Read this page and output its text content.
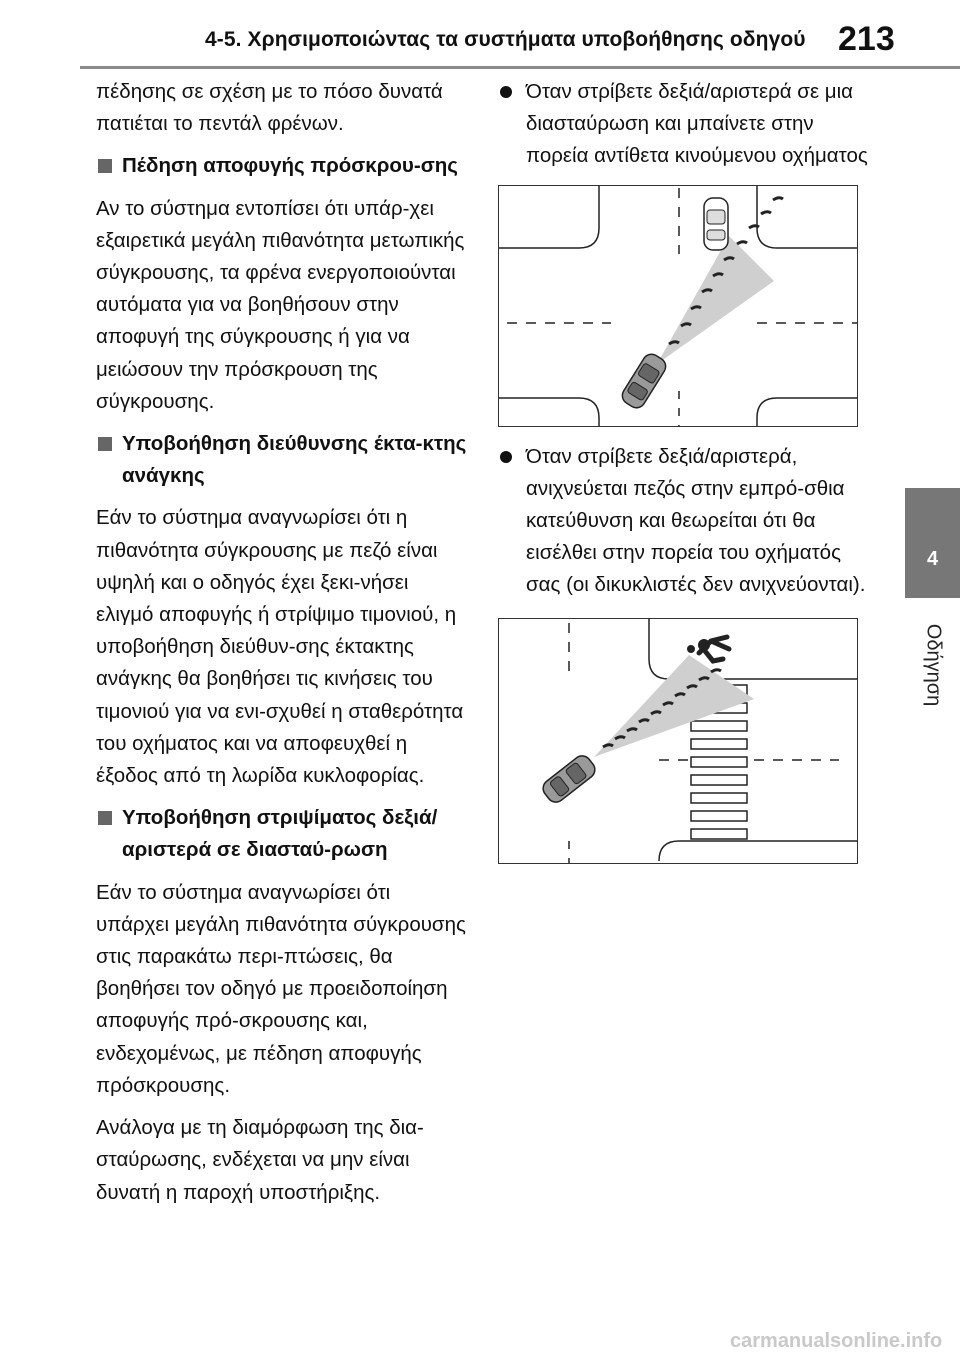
4-5. Χρησιμοποιώντας τα συστήματα υποβοήθησης οδηγού 213
4
Οδήγηση

πέδησης σε σχέση με το πόσο δυνατά πατιέται το πεντάλ φρένων.

Πέδηση αποφυγής πρόσκρου-σης

Αν το σύστημα εντοπίσει ότι υπάρ-χει εξαιρετικά μεγάλη πιθανότητα μετωπικής σύγκρουσης, τα φρένα ενεργοποιούνται αυτόματα για να βοηθήσουν στην αποφυγή της σύγκρουσης ή για να μειώσουν την πρόσκρουση της σύγκρουσης.

Υποβοήθηση διεύθυνσης έκτα-κτης ανάγκης

Εάν το σύστημα αναγνωρίσει ότι η πιθανότητα σύγκρουσης με πεζό είναι υψηλή και ο οδηγός έχει ξεκι-νήσει ελιγμό αποφυγής ή στρίψιμο τιμονιού, η υποβοήθηση διεύθυν-σης έκτακτης ανάγκης θα βοηθήσει τις κινήσεις του τιμονιού για να ενι-σχυθεί η σταθερότητα του οχήματος και να αποφευχθεί η έξοδος από τη λωρίδα κυκλοφορίας.

Υποβοήθηση στριψίματος δεξιά/αριστερά σε διασταύ-ρωση

Εάν το σύστημα αναγνωρίσει ότι υπάρχει μεγάλη πιθανότητα σύγκρουσης στις παρακάτω περι-πτώσεις, θα βοηθήσει τον οδηγό με προειδοποίηση αποφυγής πρό-σκρουσης και, ενδεχομένως, με πέδηση αποφυγής πρόσκρουσης.

Ανάλογα με τη διαμόρφωση της δια-σταύρωσης, ενδέχεται να μην είναι δυνατή η παροχή υποστήριξης.

Όταν στρίβετε δεξιά/αριστερά σε μια διασταύρωση και μπαίνετε στην πορεία αντίθετα κινούμενου οχήματος

Όταν στρίβετε δεξιά/αριστερά, ανιχνεύεται πεζός στην εμπρό-σθια κατεύθυνση και θεωρείται ότι θα εισέλθει στην πορεία του οχήματός σας (οι δικυκλιστές δεν ανιχνεύονται).

carmanualsonline.info
